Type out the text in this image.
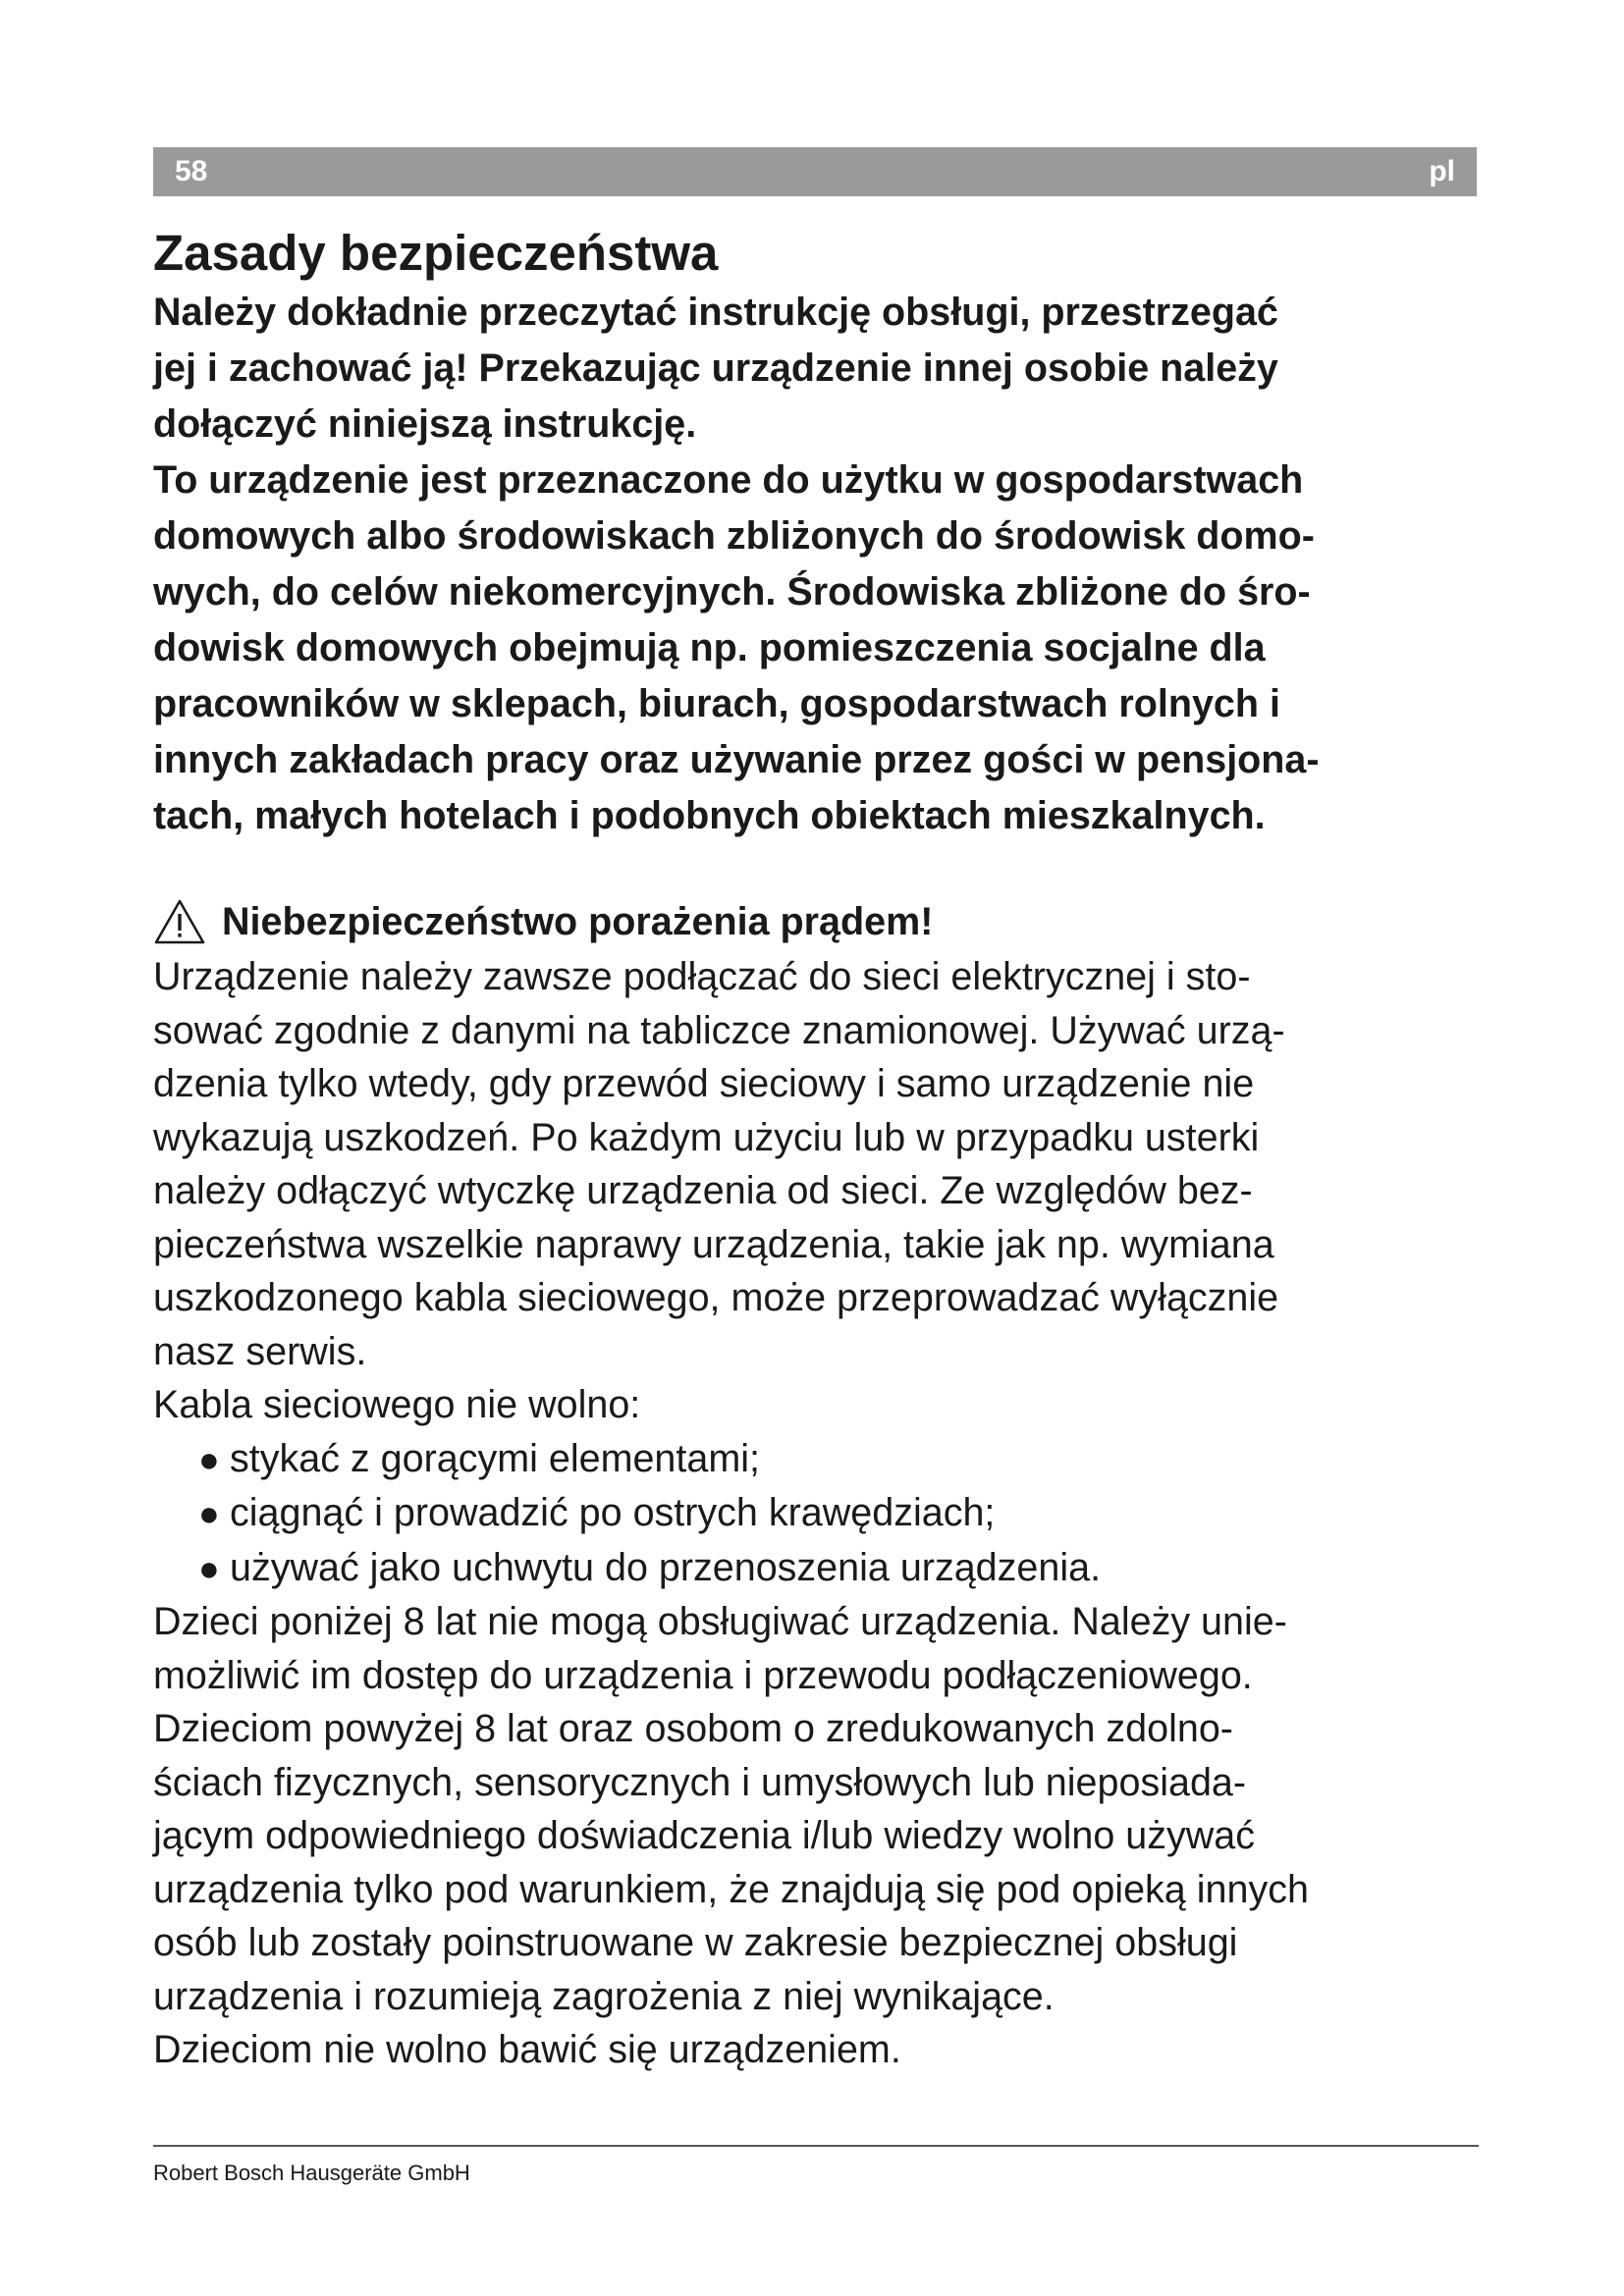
58	pl
Zasady bezpieczeństwa

Należy dokładnie przeczytać instrukcję obsługi, przestrzegać
jej i zachować ją! Przekazując urządzenie innej osobie należy
dołączyć niniejszą instrukcję.

To urządzenie jest przeznaczone do użytku w gospodarstwach
domowych albo środowiskach zbliżonych do środowisk domo-
wych, do celów niekomercyjnych. Środowiska zbliżone do śro-
dowisk domowych obejmują np. pomieszczenia socjalne dla
pracowników w sklepach, biurach, gospodarstwach rolnych i
innych zakładach pracy oraz używanie przez gości w pensjona-
tach, małych hotelach i podobnych obiektach mieszkalnych.

Niebezpieczeństwo porażenia prądem!

Urządzenie należy zawsze podłączać do sieci elektrycznej i sto-
sować zgodnie z danymi na tabliczce znamionowej. Używać urzą-
dzenia tylko wtedy, gdy przewód sieciowy i samo urządzenie nie
wykazują uszkodzeń. Po każdym użyciu lub w przypadku usterki
należy odłączyć wtyczkę urządzenia od sieci. Ze względów bez-
pieczeństwa wszelkie naprawy urządzenia, takie jak np. wymiana
uszkodzonego kabla sieciowego, może przeprowadzać wyłącznie
nasz serwis.

Kabla sieciowego nie wolno:

● stykać z gorącymi elementami;
● ciągnąć i prowadzić po ostrych krawędziach;
● używać jako uchwytu do przenoszenia urządzenia.

Dzieci poniżej 8 lat nie mogą obsługiwać urządzenia. Należy unie-
możliwić im dostęp do urządzenia i przewodu podłączeniowego.
Dzieciom powyżej 8 lat oraz osobom o zredukowanych zdolno-
ściach fizycznych, sensorycznych i umysłowych lub nieposiada-
jącym odpowiedniego doświadczenia i/lub wiedzy wolno używać
urządzenia tylko pod warunkiem, że znajdują się pod opieką innych
osób lub zostały poinstruowane w zakresie bezpiecznej obsługi
urządzenia i rozumieją zagrożenia z niej wynikające.

Dzieciom nie wolno bawić się urządzeniem.

Robert Bosch Hausgeräte GmbH
